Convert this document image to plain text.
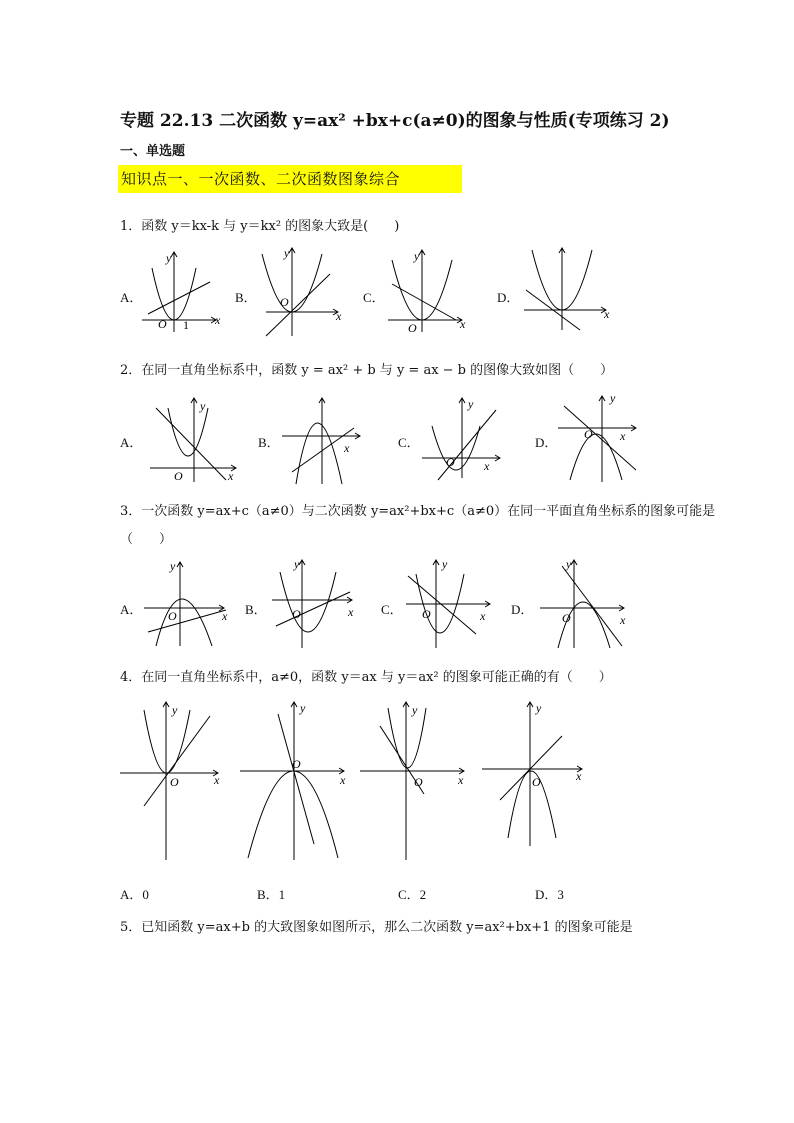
专题 22.13 二次函数 y=ax² +bx+c(a≠0)的图象与性质(专项练习 2)
一、单选题
知识点一、一次函数、二次函数图象综合
1．函数 y＝kx-k 与 y＝kx² 的图象大致是(　　)
A．	B．	C．	D．
y
x
O 1
y
x
O
y
x
O
x
2．在同一直角坐标系中，函数 y = ax² + b 与 y = ax − b 的图像大致如图（　　）
A．	B．	C．	D．
y
x
O
x
y
x
O
y
x
O
3．一次函数 y=ax+c（a≠0）与二次函数 y=ax²+bx+c（a≠0）在同一平面直角坐标系的图象可能是
（　　）
A．	B．	C．	D．
y
x
O
y
x
O
y
x
O
y
x
O
4．在同一直角坐标系中，a≠0，函数 y＝ax 与 y＝ax² 的图象可能正确的有（　　）
y
x
O
y
x
O
y
x
O
y
x
O
A．0	B．1	C．2	D．3
5．已知函数 y=ax+b 的大致图象如图所示，那么二次函数 y=ax²+bx+1 的图象可能是
